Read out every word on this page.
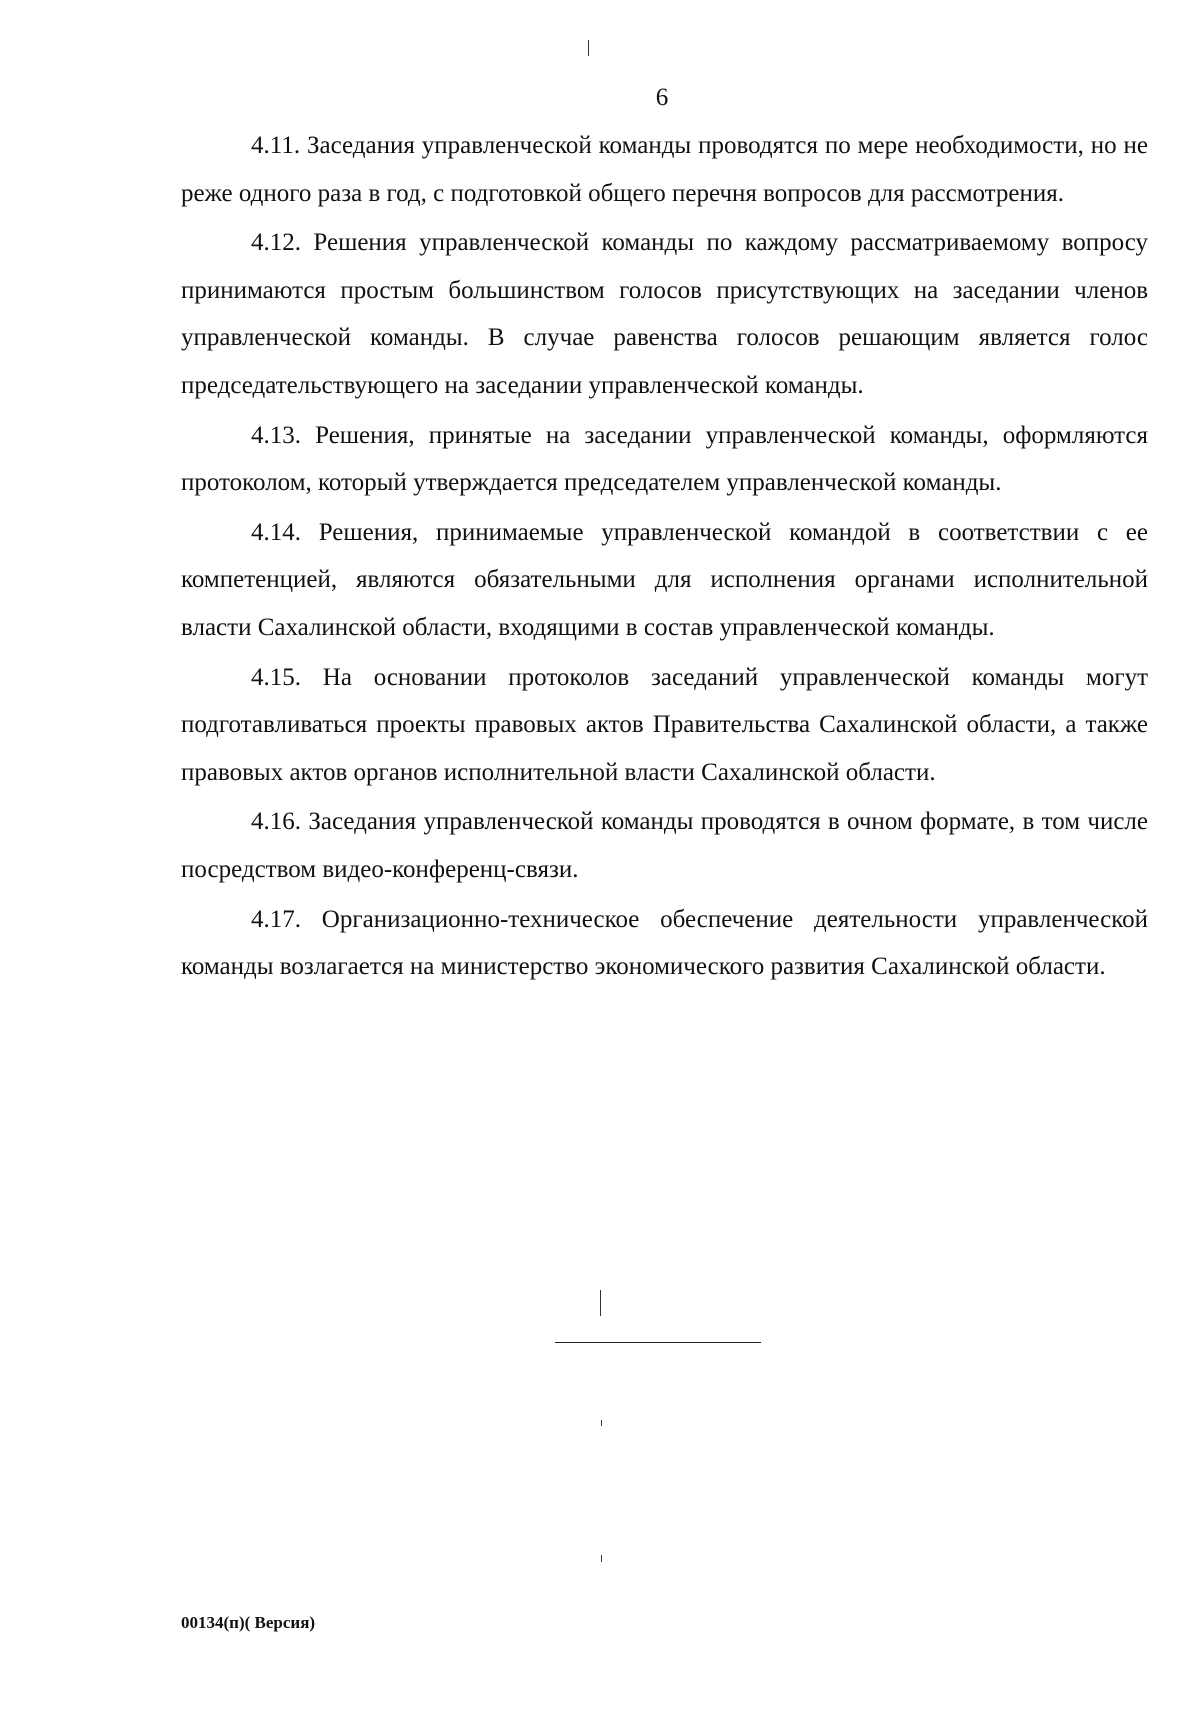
6

4.11. Заседания управленческой команды проводятся по мере необходимости, но не реже одного раза в год, с подготовкой общего перечня вопросов для рассмотрения.

4.12. Решения управленческой команды по каждому рассматриваемому вопросу принимаются простым большинством голосов присутствующих на заседании членов управленческой команды. В случае равенства голосов решающим является голос председательствующего на заседании управленческой команды.

4.13. Решения, принятые на заседании управленческой команды, оформляются протоколом, который утверждается председателем управленческой команды.

4.14. Решения, принимаемые управленческой командой в соответствии с ее компетенцией, являются обязательными для исполнения органами исполнительной власти Сахалинской области, входящими в состав управленческой команды.

4.15. На основании протоколов заседаний управленческой команды могут подготавливаться проекты правовых актов Правительства Сахалинской области, а также правовых актов органов исполнительной власти Сахалинской области.

4.16. Заседания управленческой команды проводятся в очном формате, в том числе посредством видео-конференц-связи.

4.17. Организационно-техническое обеспечение деятельности управленческой команды возлагается на министерство экономического развития Сахалинской области.

00134(п)( Версия)
